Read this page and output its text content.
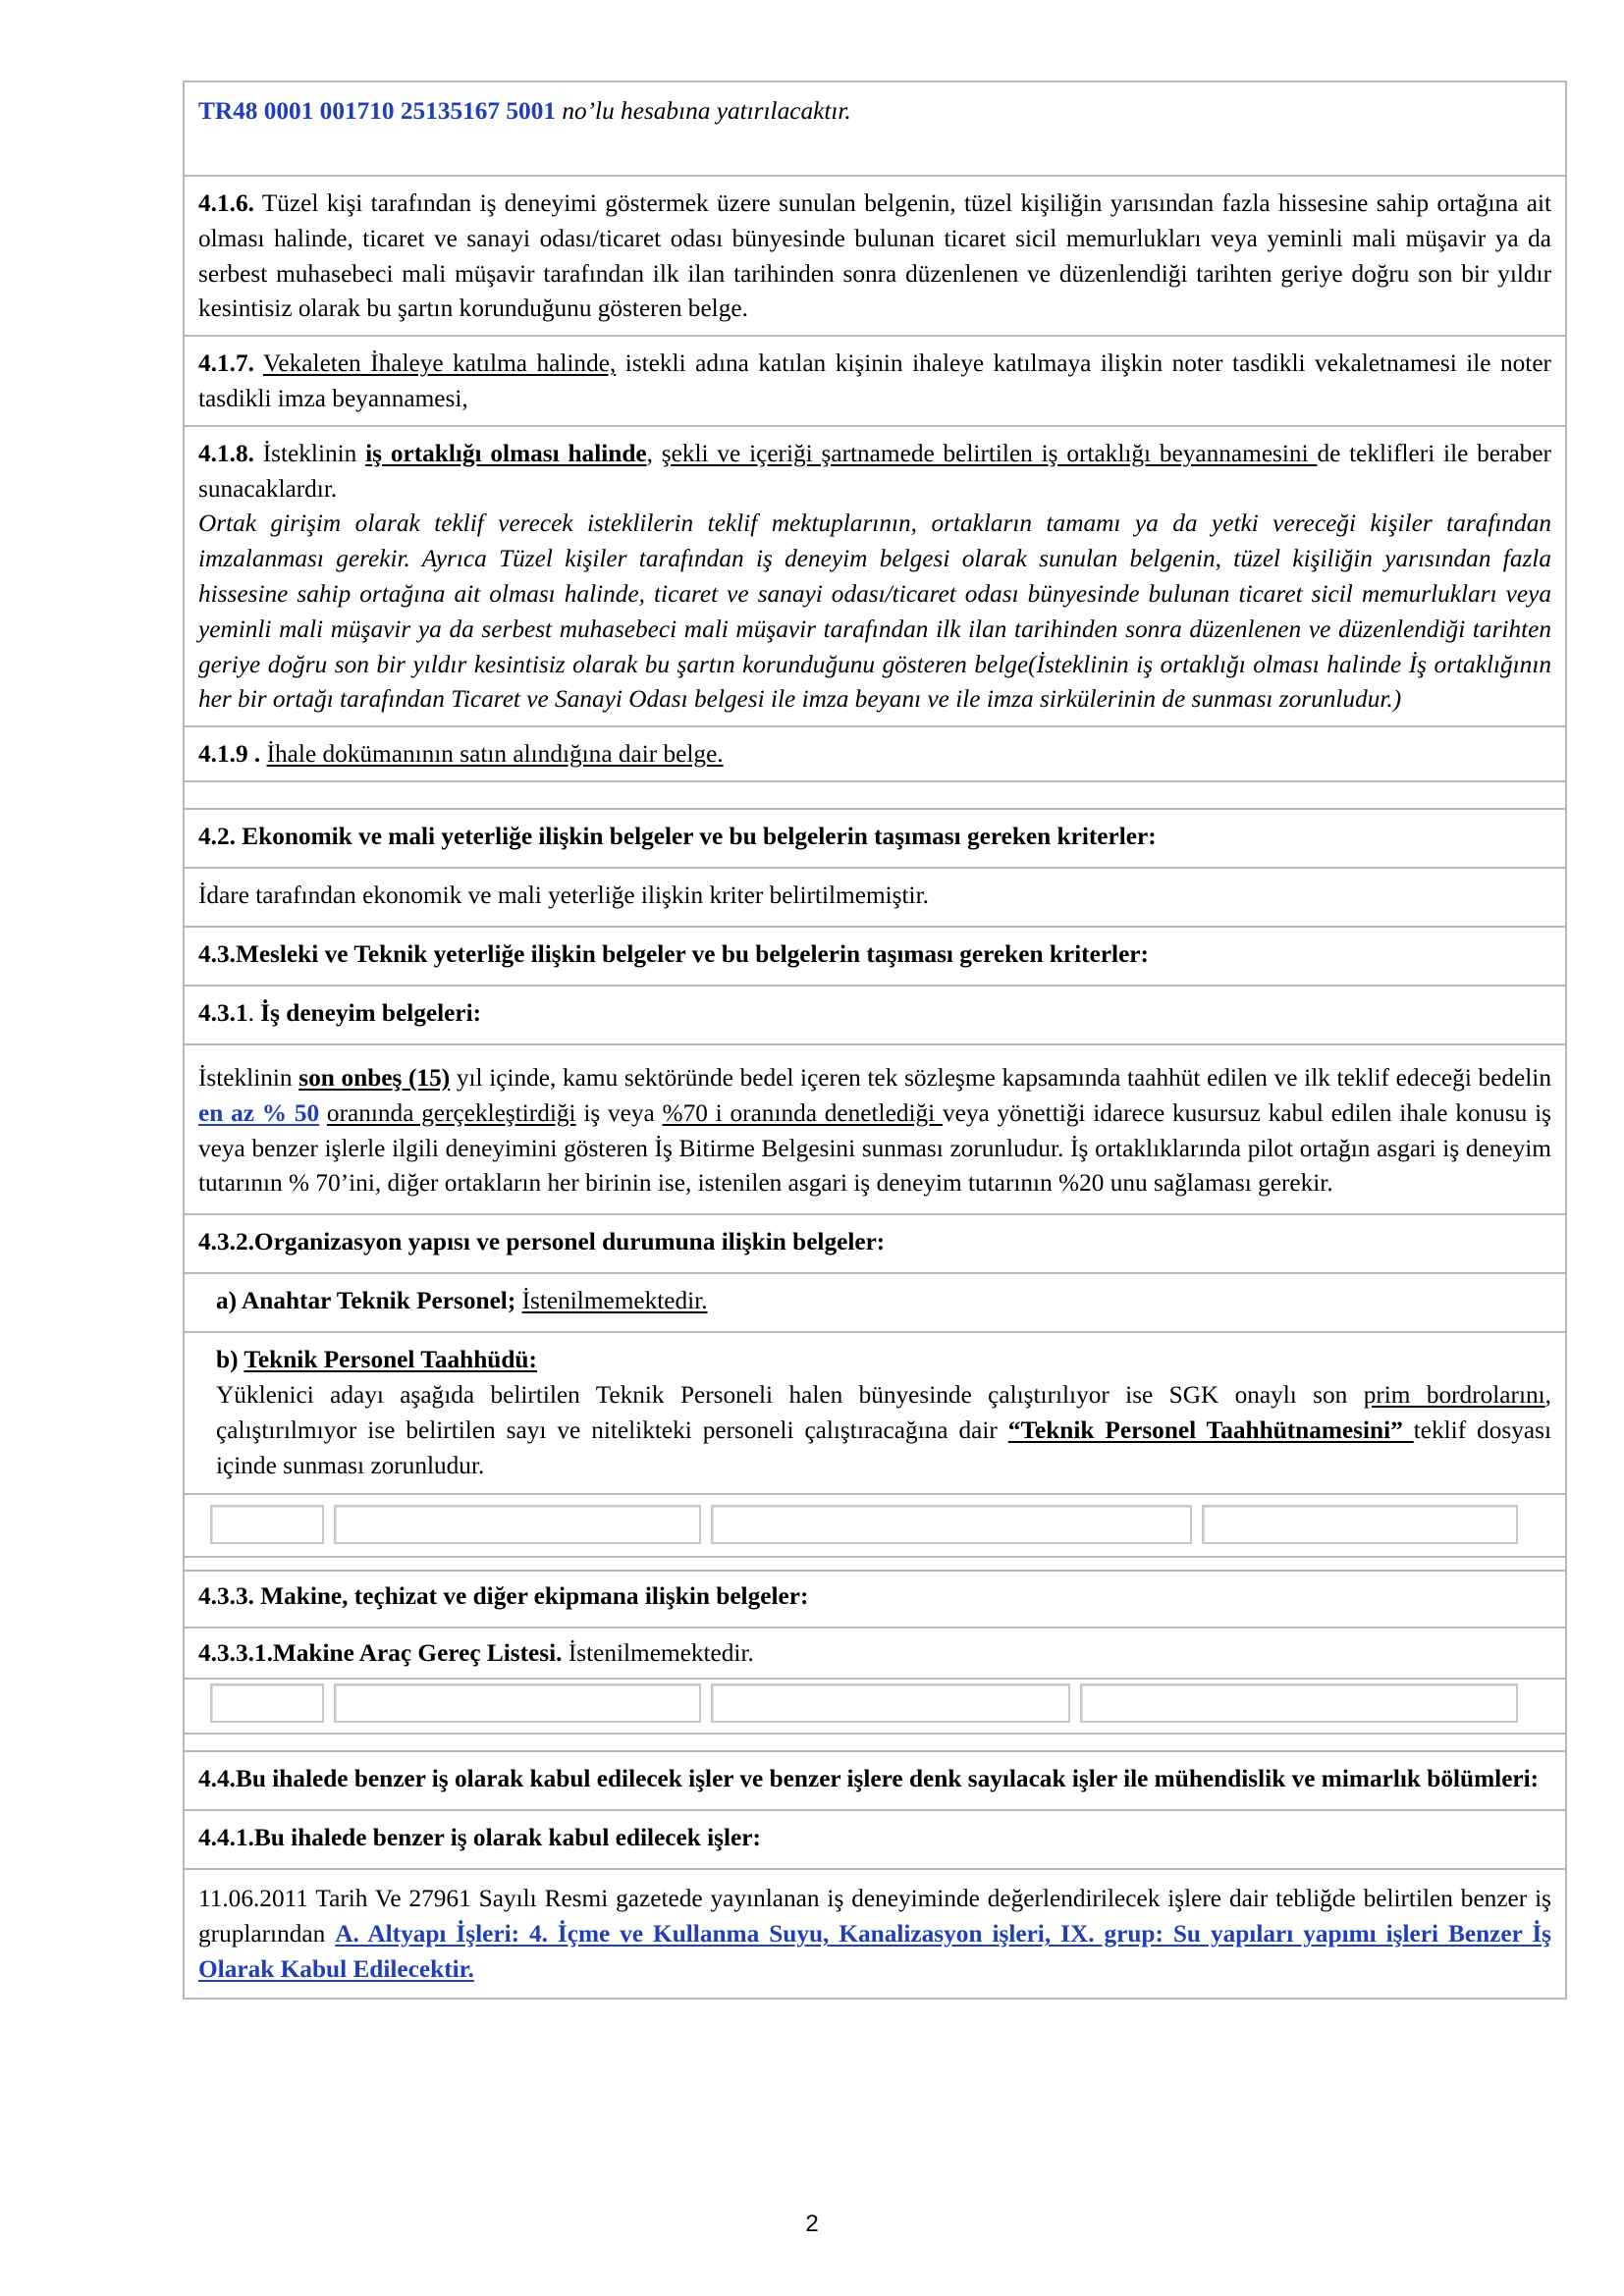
TR48 0001 001710 25135167 5001 no’lu hesabına yatırılacaktır.

4.1.6. Tüzel kişi tarafından iş deneyimi göstermek üzere sunulan belgenin, tüzel kişiliğin yarısından fazla hissesine sahip ortağına ait olması halinde, ticaret ve sanayi odası/ticaret odası bünyesinde bulunan ticaret sicil memurlukları veya yeminli mali müşavir ya da serbest muhasebeci mali müşavir tarafından ilk ilan tarihinden sonra düzenlenen ve düzenlendiği tarihten geriye doğru son bir yıldır kesintisiz olarak bu şartın korunduğunu gösteren belge.

4.1.7. Vekaleten İhaleye katılma halinde, istekli adına katılan kişinin ihaleye katılmaya ilişkin noter tasdikli vekaletnamesi ile noter tasdikli imza beyannamesi,

4.1.8. İsteklinin iş ortaklığı olması halinde, şekli ve içeriği şartnamede belirtilen iş ortaklığı beyannamesini de teklifleri ile beraber sunacaklardır.

Ortak girişim olarak teklif verecek isteklilerin teklif mektuplarının, ortakların tamamı ya da yetki vereceği kişiler tarafından imzalanması gerekir. Ayrıca Tüzel kişiler tarafından iş deneyim belgesi olarak sunulan belgenin, tüzel kişiliğin yarısından fazla hissesine sahip ortağına ait olması halinde, ticaret ve sanayi odası/ticaret odası bünyesinde bulunan ticaret sicil memurlukları veya yeminli mali müşavir ya da serbest muhasebeci mali müşavir tarafından ilk ilan tarihinden sonra düzenlenen ve düzenlendiği tarihten geriye doğru son bir yıldır kesintisiz olarak bu şartın korunduğunu gösteren belge(İsteklinin iş ortaklığı olması halinde İş ortaklığının her bir ortağı tarafından Ticaret ve Sanayi Odası belgesi ile imza beyanı ve ile imza sirkülerinin de sunması zorunludur.)

4.1.9 . İhale dokümanının satın alındığına dair belge.

4.2. Ekonomik ve mali yeterliğe ilişkin belgeler ve bu belgelerin taşıması gereken kriterler:
İdare tarafından ekonomik ve mali yeterliğe ilişkin kriter belirtilmemiştir.
4.3.Mesleki ve Teknik yeterliğe ilişkin belgeler ve bu belgelerin taşıması gereken kriterler:
4.3.1. İş deneyim belgeleri:

İsteklinin son onbeş (15) yıl içinde, kamu sektöründe bedel içeren tek sözleşme kapsamında taahhüt edilen ve ilk teklif edeceği bedelin en az % 50 oranında gerçekleştirdiği iş veya %70 i oranında denetlediği veya yönettiği idarece kusursuz kabul edilen ihale konusu iş veya benzer işlerle ilgili deneyimini gösteren İş Bitirme Belgesini sunması zorunludur. İş ortaklıklarında pilot ortağın asgari iş deneyim tutarının % 70’ini, diğer ortakların her birinin ise, istenilen asgari iş deneyim tutarının %20 unu sağlaması gerekir.

4.3.2.Organizasyon yapısı ve personel durumuna ilişkin belgeler:
a) Anahtar Teknik Personel; İstenilmemektedir.

b) Teknik Personel Taahhüdü:

Yüklenici adayı aşağıda belirtilen Teknik Personeli halen bünyesinde çalıştırılıyor ise SGK onaylı son prim bordrolarını, çalıştırılmıyor ise belirtilen sayı ve nitelikteki personeli çalıştıracağına dair “Teknik Personel Taahhütnamesini” teklif dosyası içinde sunması zorunludur.

4.3.3. Makine, teçhizat ve diğer ekipmana ilişkin belgeler:
4.3.3.1.Makine Araç Gereç Listesi. İstenilmemektedir.
4.4.Bu ihalede benzer iş olarak kabul edilecek işler ve benzer işlere denk sayılacak işler ile mühendislik ve mimarlık bölümleri:
4.4.1.Bu ihalede benzer iş olarak kabul edilecek işler:

11.06.2011 Tarih Ve 27961 Sayılı Resmi gazetede yayınlanan iş deneyiminde değerlendirilecek işlere dair tebliğde belirtilen benzer iş gruplarından A. Altyapı İşleri: 4. İçme ve Kullanma Suyu, Kanalizasyon işleri, IX. grup: Su yapıları yapımı işleri Benzer İş Olarak Kabul Edilecektir.

2
